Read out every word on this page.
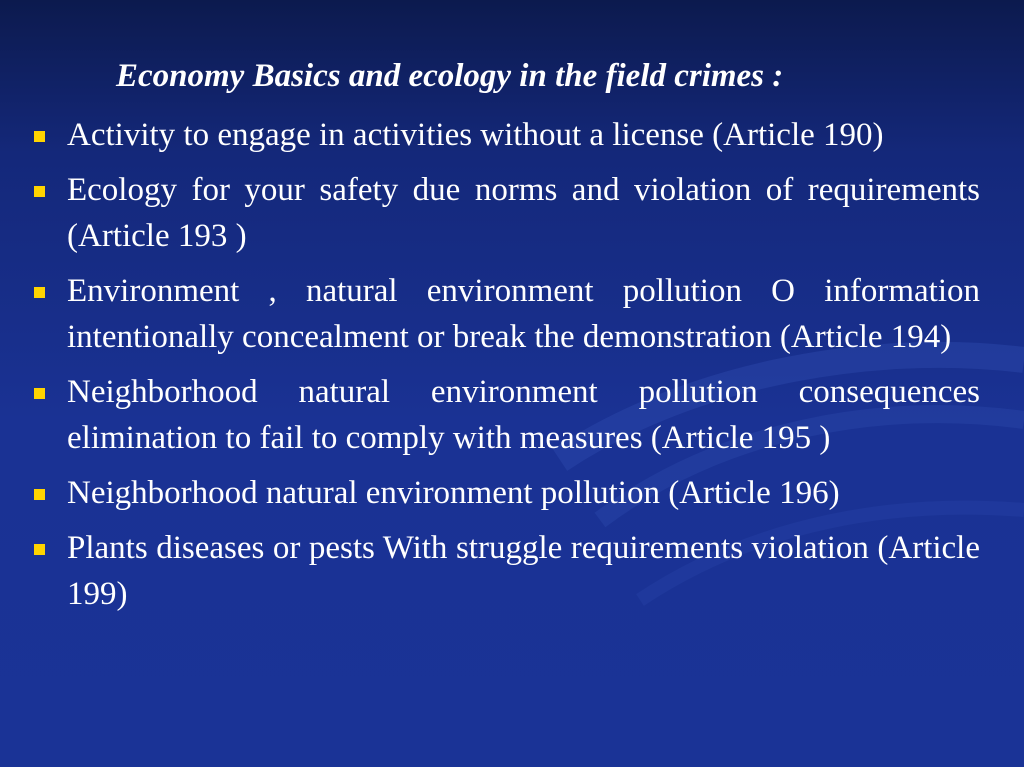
Economy Basics and ecology in the field crimes :
Activity to engage in activities without a license (Article 190)
Ecology for your safety due norms and violation of requirements (Article 193 )
Environment , natural environment pollution O information intentionally concealment or break the demonstration (Article 194)
Neighborhood natural environment pollution consequences elimination to fail to comply with measures (Article 195 )
Neighborhood natural environment pollution (Article 196)
Plants diseases or pests With struggle requirements violation (Article 199)
